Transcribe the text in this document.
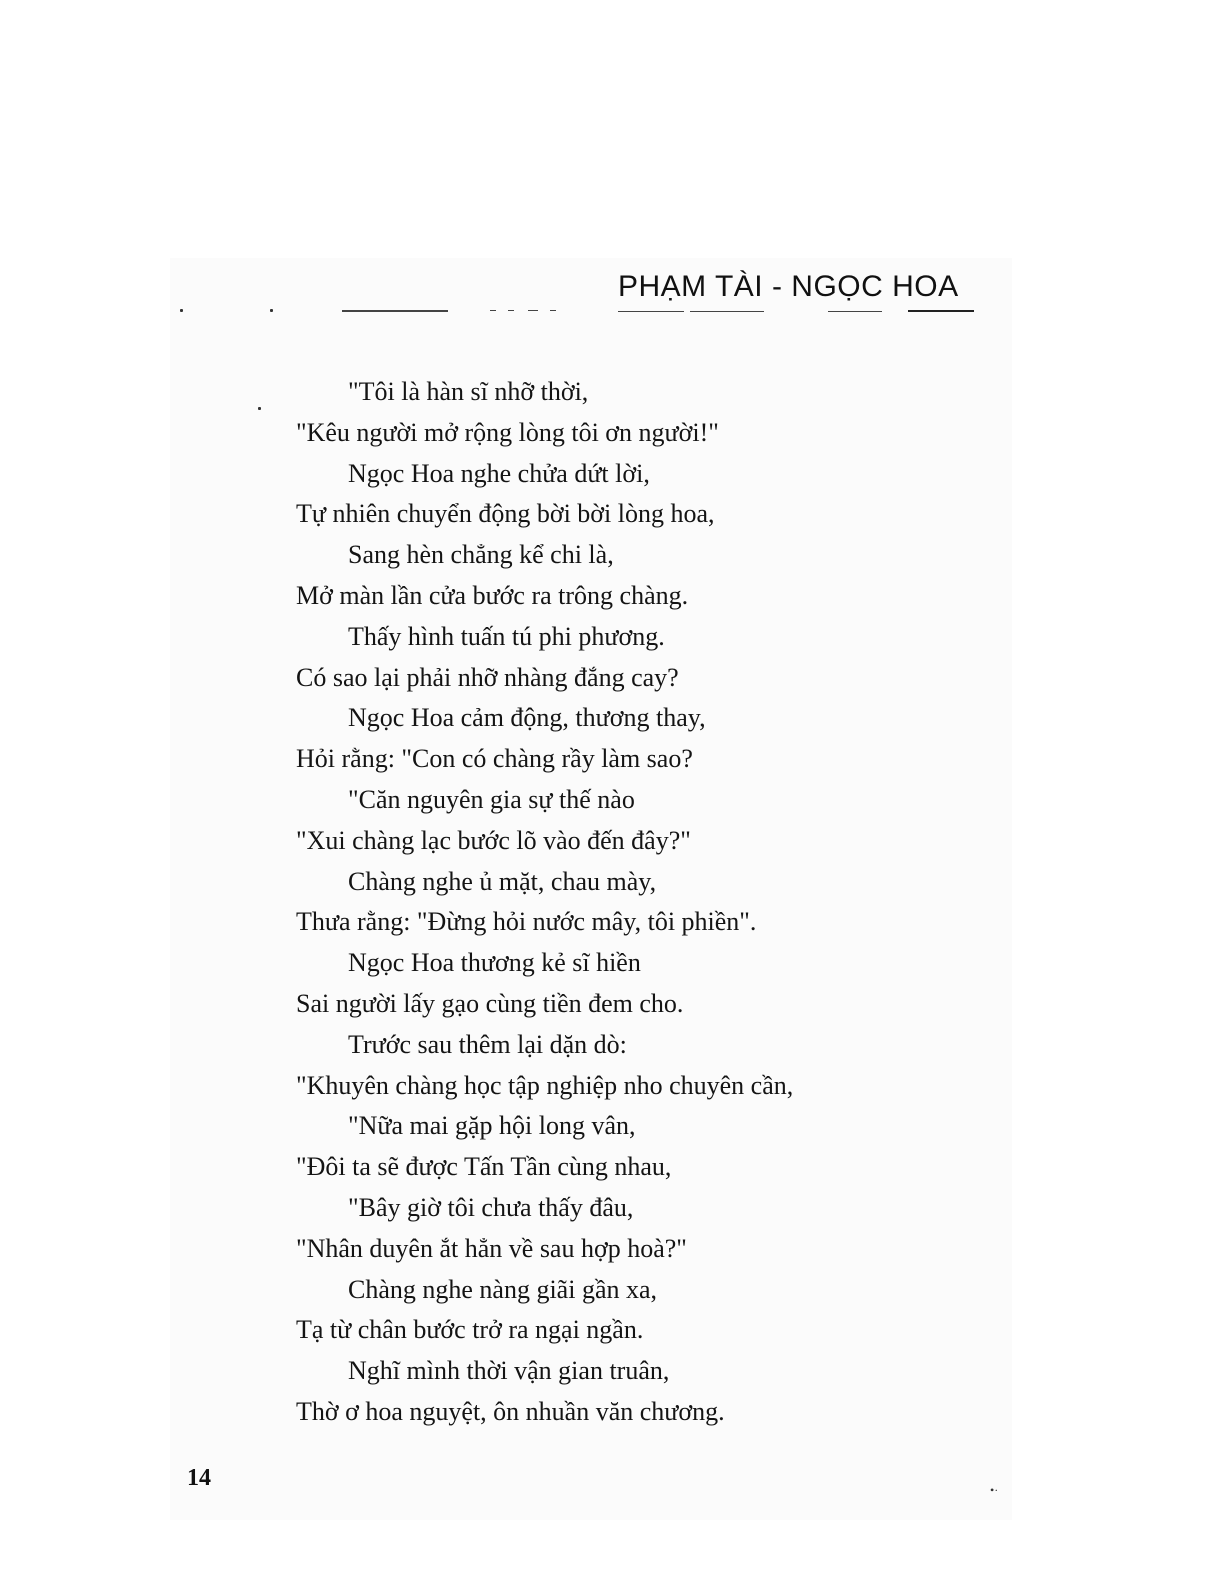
PHẠM TÀI - NGỌC HOA
"Tôi là hàn sĩ nhỡ thời,
"Kêu người mở rộng lòng tôi ơn người!"
Ngọc Hoa nghe chửa dứt lời,
Tự nhiên chuyển động bời bời lòng hoa,
Sang hèn chẳng kể chi là,
Mở màn lần cửa bước ra trông chàng.
Thấy hình tuấn tú phi phương.
Có sao lại phải nhỡ nhàng đắng cay?
Ngọc Hoa cảm động, thương thay,
Hỏi rằng: "Con có chàng rầy làm sao?
"Căn nguyên gia sự thế nào
"Xui chàng lạc bước lõ vào đến đây?"
Chàng nghe ủ mặt, chau mày,
Thưa rằng: "Đừng hỏi nước mây, tôi phiền".
Ngọc Hoa thương kẻ sĩ hiền
Sai người lấy gạo cùng tiền đem cho.
Trước sau thêm lại dặn dò:
"Khuyên chàng học tập nghiệp nho chuyên cần,
"Nữa mai gặp hội long vân,
"Đôi ta sẽ được Tấn Tần cùng nhau,
"Bây giờ tôi chưa thấy đâu,
"Nhân duyên ắt hẳn về sau hợp hoà?"
Chàng nghe nàng giãi gần xa,
Tạ từ chân bước trở ra ngại ngần.
Nghĩ mình thời vận gian truân,
Thờ ơ hoa nguyệt, ôn nhuần văn chương.
14	•·
